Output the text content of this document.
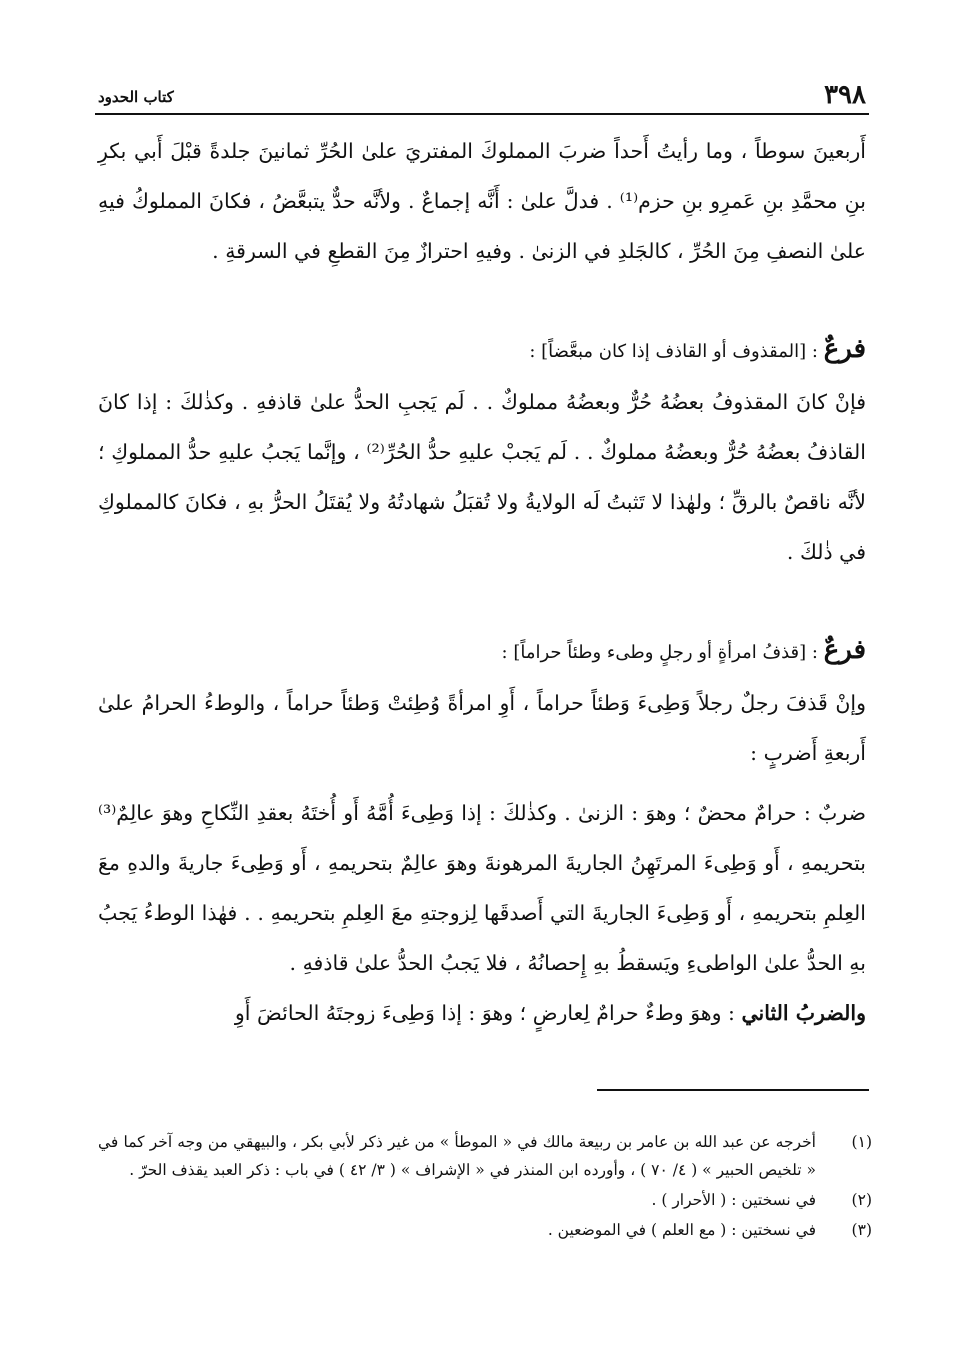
٣٩٨
كتاب الحدود

أَربعينَ سوطاً ، وما رأيتُ أَحداً ضربَ المملوكَ المفتريَ علىٰ الحُرِّ ثمانينَ جلدةً قبْلَ أَبي بكرِ بنِ محمَّدِ بنِ عَمرِو بنِ حزم⁽¹⁾ . فدلَّ علىٰ : أَنَّه إجماعٌ . ولأنَّه حدٌّ يتبعَّضُ ، فكانَ المملوكُ فيهِ علىٰ النصفِ مِنَ الحُرِّ ، كالجَلدِ في الزنىٰ . وفيهِ احترازٌ مِنَ القطعِ في السرقةِ .

فرعٌ : [المقذوف أو القاذف إذا كان مبعَّضاً] :

فإنْ كانَ المقذوفُ بعضُهُ حُرٌّ وبعضُهُ مملوكٌ . . لَم يَجبِ الحدُّ علىٰ قاذفهِ . وكذٰلكَ : إذا كانَ القاذفُ بعضُهُ حُرٌّ وبعضُهُ مملوكٌ . . لَم يَجبْ عليهِ حدُّ الحُرِّ⁽²⁾ ، وإنَّما يَجبُ عليهِ حدُّ المملوكِ ؛ لأنَّه ناقصٌ بالرقِّ ؛ ولهٰذا لا تَثبتُ لَه الولايةُ ولا تُقبَلُ شهادتُهُ ولا يُقتَلُ الحرُّ بهِ ، فكانَ كالمملوكِ في ذٰلكَ .

فرعٌ : [قذفُ امرأةٍ أو رجلٍ وطىء وطئاً حراماً] :

وإنْ قَذفَ رجلٌ رجلاً وَطِىءَ وَطئاً حراماً ، أَوِ امرأةً وُطِئتْ وَطئاً حراماً ، والوطءُ الحرامُ علىٰ أَربعةِ أَضربٍ :

ضربٌ : حرامٌ محضٌ ؛ وهوَ : الزنىٰ . وكذٰلكَ : إذا وَطِىءَ أُمَّهُ أَو أُختَهُ بعقدِ النِّكاحِ وهوَ عالِمٌ⁽³⁾ بتحريمهِ ، أَو وَطِىءَ المرتَهِنُ الجاريةَ المرهونةَ وهوَ عالِمٌ بتحريمهِ ، أَو وَطِىءَ جاريةَ والدهِ معَ العِلمِ بتحريمهِ ، أَو وَطِىءَ الجاريةَ التي أَصدقَها لِزوجتهِ معَ العِلمِ بتحريمهِ . . فهٰذا الوطءُ يَجبُ بهِ الحدُّ علىٰ الواطىءِ ويَسقطُ بهِ إِحصانُهُ ، فلا يَجبُ الحدُّ علىٰ قاذفهِ .

والضربُ الثاني : وهوَ وطءٌ حرامٌ لِعارضٍ ؛ وهوَ : إذا وَطِىءَ زوجتَهُ الحائضَ أَوِ

(١)
أخرجه عن عبد الله بن عامر بن ربيعة مالك في « الموطأ » من غير ذكر لأبي بكر ، والبيهقي من وجه آخر كما في « تلخيص الحبير » ( ٤/ ٧٠ ) ، وأورده ابن المنذر في « الإشراف » ( ٣/ ٤٢ ) في باب : ذكر العبد يقذف الحرّ .
(٢)
في نسختين : ( الأحرار ) .
(٣)
في نسختين : ( مع العلم ) في الموضعين .
